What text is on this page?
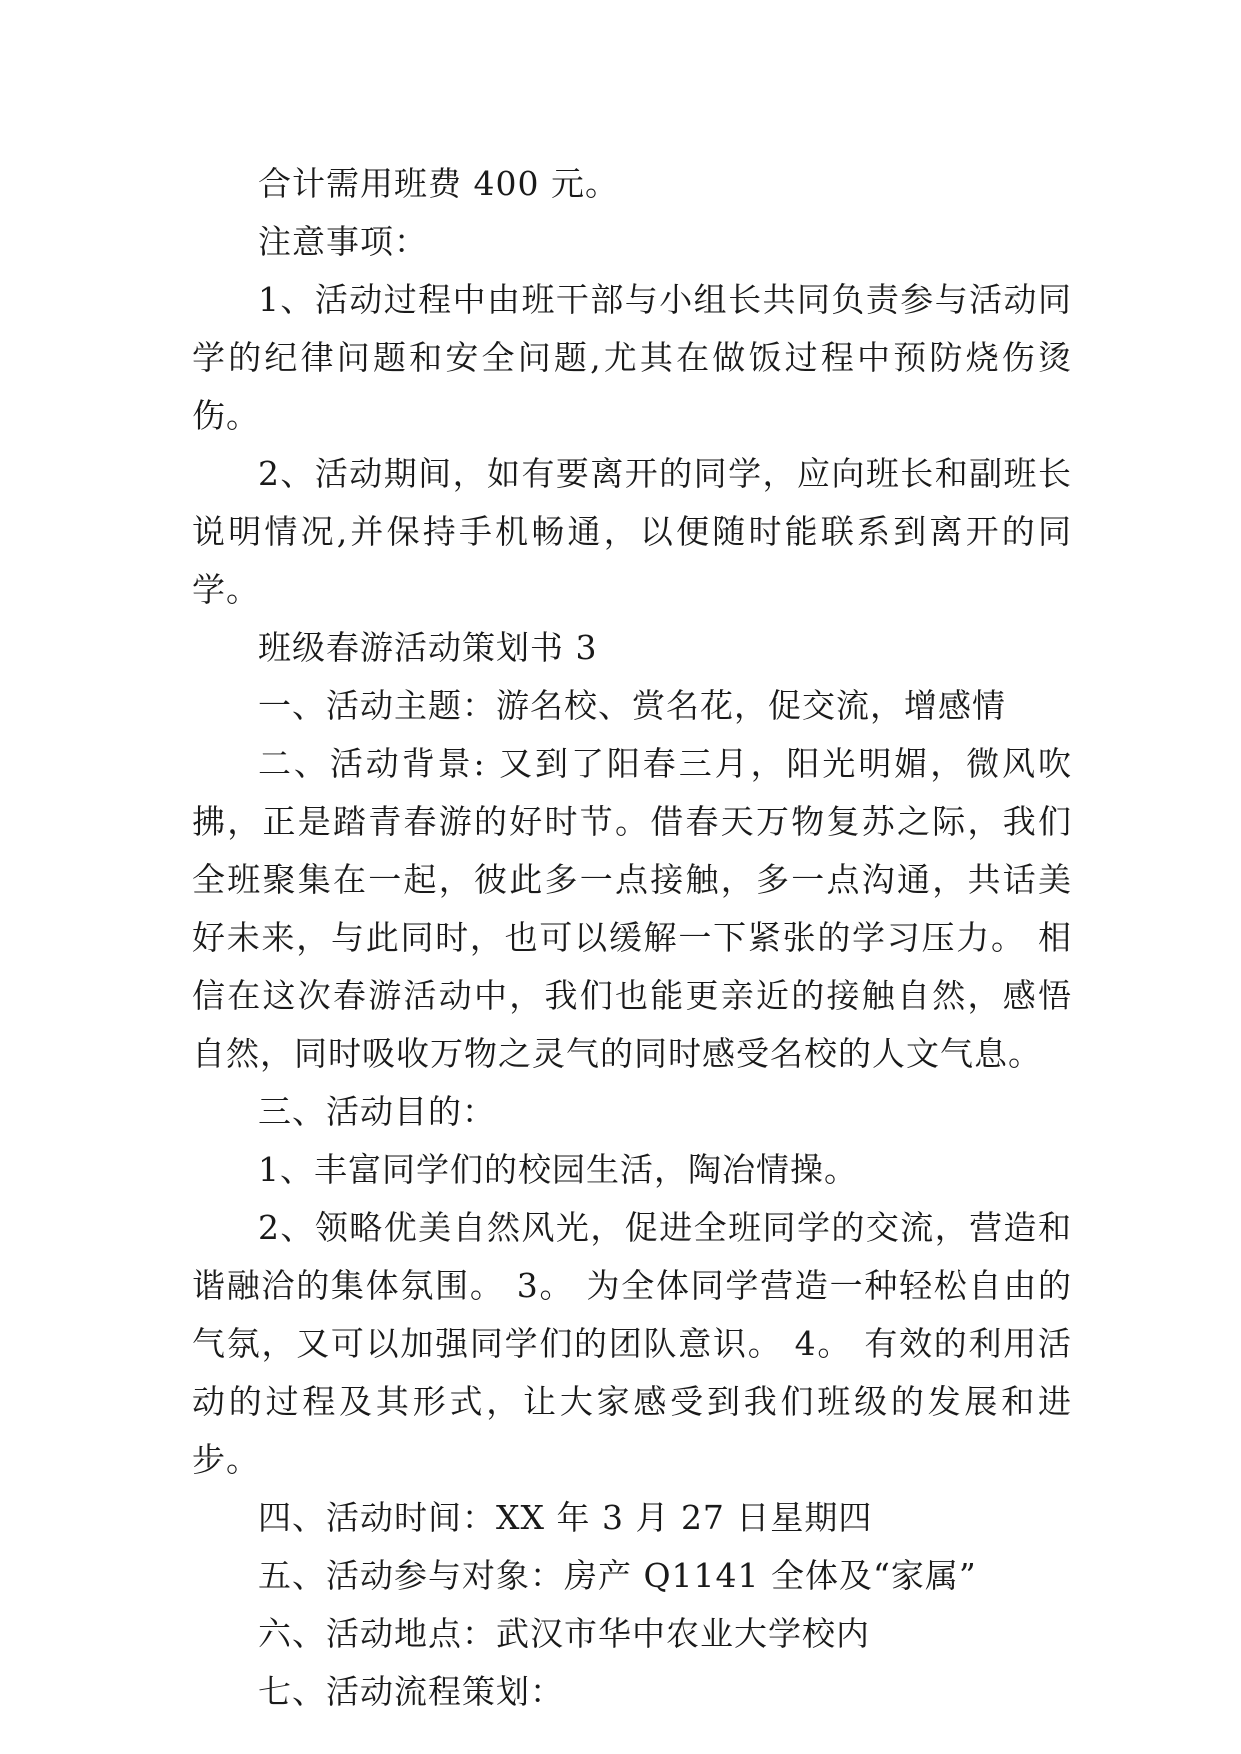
合计需用班费 400 元。

注意事项：

1、活动过程中由班干部与小组长共同负责参与活动同学的纪律问题和安全问题,尤其在做饭过程中预防烧伤烫伤。

2、活动期间，如有要离开的同学，应向班长和副班长说明情况,并保持手机畅通，以便随时能联系到离开的同学。

班级春游活动策划书 3

一、活动主题：游名校、赏名花，促交流，增感情

二、活动背景: 又到了阳春三月，阳光明媚，微风吹拂，正是踏青春游的好时节。借春天万物复苏之际，我们全班聚集在一起，彼此多一点接触，多一点沟通，共话美好未来，与此同时，也可以缓解一下紧张的学习压力。 相信在这次春游活动中，我们也能更亲近的接触自然，感悟自然，同时吸收万物之灵气的同时感受名校的人文气息。

三、活动目的：

1、丰富同学们的校园生活，陶冶情操。

2、领略优美自然风光，促进全班同学的交流，营造和谐融洽的集体氛围。 3。 为全体同学营造一种轻松自由的气氛，又可以加强同学们的团队意识。 4。 有效的利用活动的过程及其形式，让大家感受到我们班级的发展和进步。

四、活动时间：XX 年 3 月 27 日星期四

五、活动参与对象：房产 Q1141 全体及“家属”

六、活动地点：武汉市华中农业大学校内

七、活动流程策划：
